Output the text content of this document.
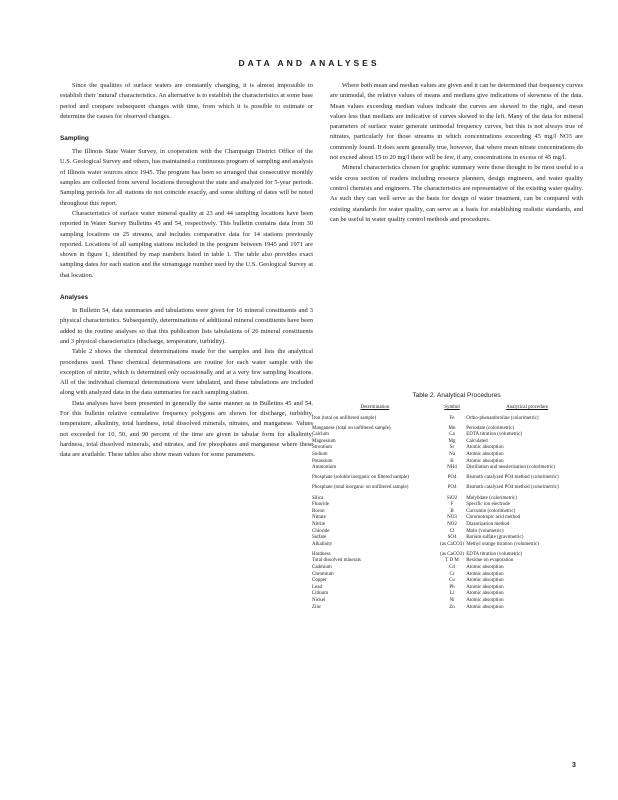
DATA AND ANALYSES

Since the qualities of surface waters are constantly changing, it is almost impossible to establish their 'natural' characteristics. An alternative is to establish the characteristics at some base period and compare subsequent changes with time, from which it is possible to estimate or determine the causes for observed changes.

Sampling

The Illinois State Water Survey, in cooperation with the Champaign District Office of the U.S. Geological Survey and others, has maintained a continuous program of sampling and analysis of Illinois water sources since 1945. The program has been so arranged that consecutive monthly samples are collected from several locations throughout the state and analyzed for 5-year periods. Sampling periods for all stations do not coincide exactly, and some shifting of dates will be noted throughout this report.

Characteristics of surface water mineral quality at 23 and 44 sampling locations have been reported in Water Survey Bulletins 45 and 54, respectively. This bulletin contains data from 30 sampling locations on 25 streams, and includes comparative data for 14 stations previously reported. Locations of all sampling stations included in the program between 1945 and 1971 are shown in figure 1, identified by map numbers listed in table 1. The table also provides exact sampling dates for each station and the streamgage number used by the U.S. Geological Survey at that location.

Analyses

In Bulletin 54, data summaries and tabulations were given for 16 mineral constituents and 3 physical characteristics. Subsequently, determinations of additional mineral constituents have been added to the routine analyses so that this publication lists tabulations of 26 mineral constituents and 3 physical characteristics (discharge, temperature, turbidity).

Table 2 shows the chemical determinations made for the samples and lists the analytical procedures used. These chemical determinations are routine for each water sample with the exception of nitrite, which is determined only occasionally and at a very few sampling locations. All of the individual chemical determinations were tabulated, and these tabulations are included along with analyzed data in the data summaries for each sampling station.

Data analyses have been presented in generally the same manner as in Bulletins 45 and 54. For this bulletin relative cumulative frequency polygons are shown for discharge, turbidity, temperature, alkalinity, total hardness, total dissolved minerals, nitrates, and manganese. Values not exceeded for 10, 50, and 90 percent of the time are given in tabular form for alkalinity, hardness, total dissolved minerals, and nitrates, and for phosphates and manganese where these data are available. These tables also show mean values for some parameters.

Where both mean and median values are given and it can be determined that frequency curves are unimodal, the relative values of means and medians give indications of skewness of the data. Mean values exceeding median values indicate the curves are skewed to the right, and mean values less than medians are indicative of curves skewed to the left. Many of the data for mineral parameters of surface water generate unimodal frequency curves, but this is not always true of nitrates, particularly for those streams in which concentrations exceeding 45 mg/l NO3 are commonly found. It does seem generally true, however, that where mean nitrate concentrations do not exceed about 15 to 20 mg/l there will be few, if any, concentrations in excess of 45 mg/l.

Mineral characteristics chosen for graphic summary were those thought to be most useful to a wide cross section of readers including resource planners, design engineers, and water quality control chemists and engineers. The characteristics are representative of the existing water quality. As such they can well serve as the basis for design of water treatment, can be compared with existing standards for water quality, can serve as a basis for establishing realistic standards, and can be useful in water quality control methods and procedures.

Table 2. Analytical Procedures
Determination	Symbol	Analytical procedure
Iron (total on unfiltered sample)	Fe	Ortho-phenanthroline (colorimetric)
Manganese (total on unfiltered sample)	Mn	Periodate (colorimetric)
Calcium	Ca	EDTA titration (volumetric)
Magnesium	Mg	Calculated
Strontium	Sr	Atomic absorption
Sodium	Na	Atomic absorption
Potassium	K	Atomic absorption
Ammonium	NH4	Distillation and nesslerization (colorimetric)
Phosphate (soluble inorganic on filtered sample)	PO4	Bismuth catalyzed PO4 method (colorimetric)
Phosphate (total inorganic on unfiltered sample)	PO4	Bismuth catalyzed PO4 method (colorimetric)
Silica	SiO2	Molybdate (colorimetric)
Fluoride	F	Specific ion electrode
Boron	B	Curcumin (colorimetric)
Nitrate	NO3	Chromotropic acid method
Nitrite	NO2	Diazotization method
Chloride	Cl	Mohr (volumetric)
Sulfate	SO4	Barium sulfate (gravimetric)
Alkalinity	(as CaCO3)	Methyl orange titration (volumetric)
Hardness	(as CaCO3)	EDTA titration (volumetric)
Total dissolved minerals	T D M	Residue on evaporation
Cadmium	Cd	Atomic absorption
Chromium	Cr	Atomic absorption
Copper	Cu	Atomic absorption
Lead	Pb	Atomic absorption
Lithium	Li	Atomic absorption
Nickel	Ni	Atomic absorption
Zinc	Zn	Atomic absorption
3
